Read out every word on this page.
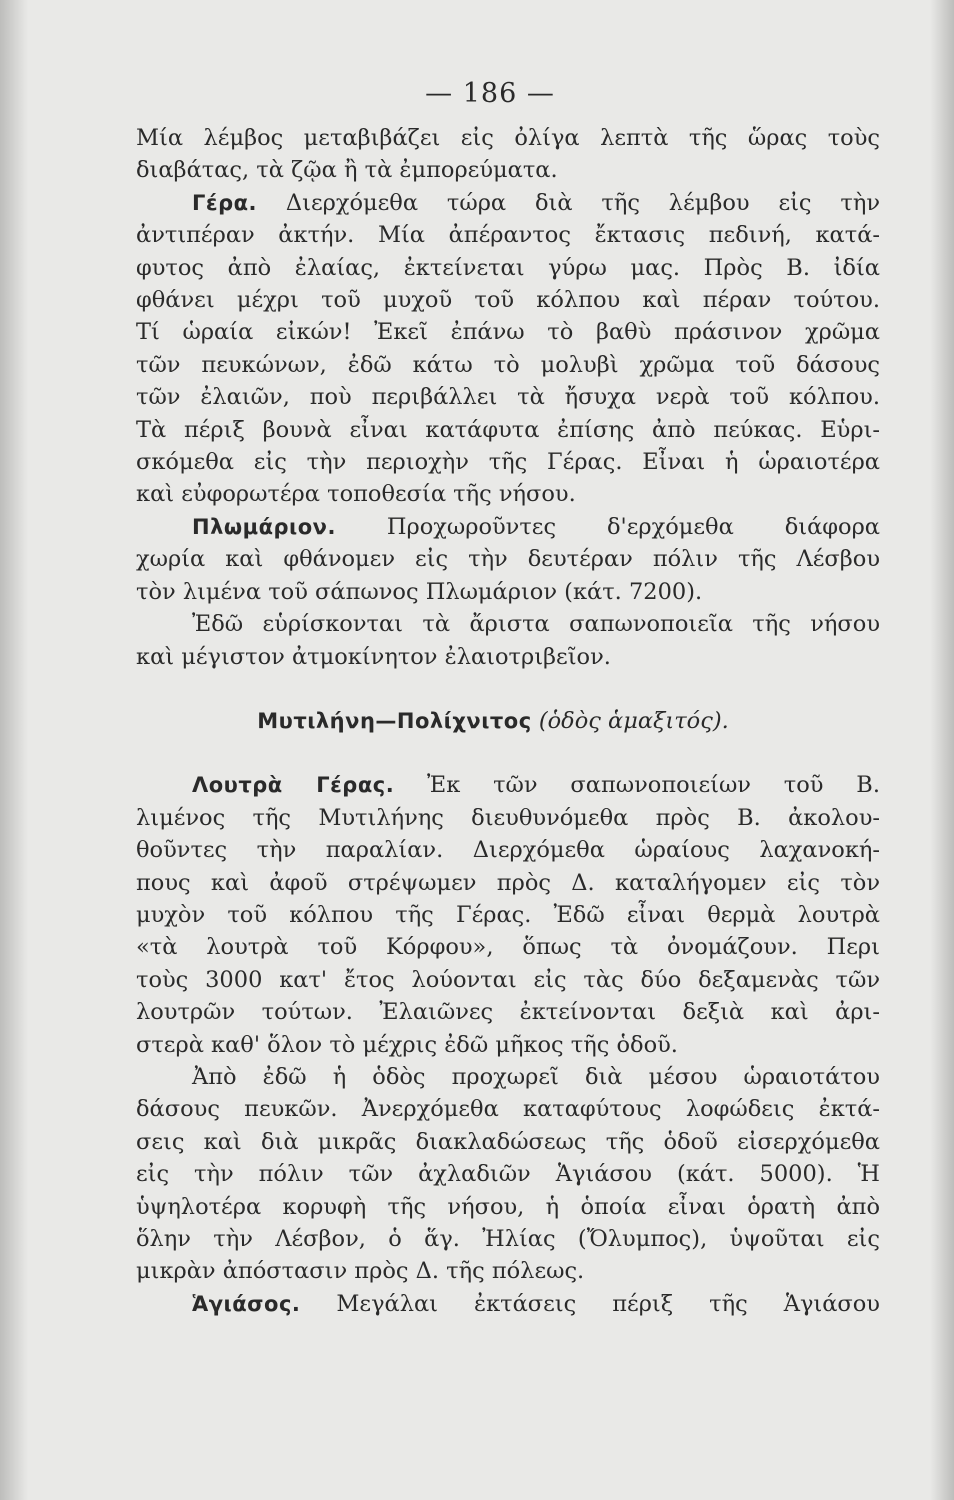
— 186 —
Μία λέμβος μεταβιβάζει εἰς ὀλίγα λεπτὰ τῆς ὥρας τοὺς
διαβάτας, τὰ ζῷα ἢ τὰ ἐμπορεύματα.
Γέρα. Διερχόμεθα τώρα διὰ τῆς λέμβου εἰς τὴν
ἀντιπέραν ἀκτήν. Μία ἀπέραντος ἔκτασις πεδινή, κατά-
φυτος ἀπὸ ἐλαίας, ἐκτείνεται γύρω μας. Πρὸς Β. ἰδία
φθάνει μέχρι τοῦ μυχοῦ τοῦ κόλπου καὶ πέραν τούτου.
Τί ὡραία εἰκών! Ἐκεῖ ἐπάνω τὸ βαθὺ πράσινον χρῶμα
τῶν πευκώνων, ἐδῶ κάτω τὸ μολυβὶ χρῶμα τοῦ δάσους
τῶν ἐλαιῶν, ποὺ περιβάλλει τὰ ἤσυχα νερὰ τοῦ κόλπου.
Τὰ πέριξ βουνὰ εἶναι κατάφυτα ἐπίσης ἀπὸ πεύκας. Εὑρι-
σκόμεθα εἰς τὴν περιοχὴν τῆς Γέρας. Εἶναι ἡ ὡραιοτέρα
καὶ εὐφορωτέρα τοποθεσία τῆς νήσου.
Πλωμάριον. Προχωροῦντες δ'ερχόμεθα διάφορα
χωρία καὶ φθάνομεν εἰς τὴν δευτέραν πόλιν τῆς Λέσβου
τὸν λιμένα τοῦ σάπωνος Πλωμάριον (κάτ. 7200).
Ἐδῶ εὑρίσκονται τὰ ἄριστα σαπωνοποιεῖα τῆς νήσου
καὶ μέγιστον ἀτμοκίνητον ἐλαιοτριβεῖον.
Μυτιλήνη—Πολίχνιτος (ὁδὸς ἁμαξιτός).
Λουτρὰ Γέρας. Ἐκ τῶν σαπωνοποιείων τοῦ Β.
λιμένος τῆς Μυτιλήνης διευθυνόμεθα πρὸς Β. ἀκολου-
θοῦντες τὴν παραλίαν. Διερχόμεθα ὡραίους λαχανοκή-
πους καὶ ἀφοῦ στρέψωμεν πρὸς Δ. καταλήγομεν εἰς τὸν
μυχὸν τοῦ κόλπου τῆς Γέρας. Ἐδῶ εἶναι θερμὰ λουτρὰ
«τὰ λουτρὰ τοῦ Κόρφου», ὅπως τὰ ὀνομάζουν. Περι
τοὺς 3000 κατ' ἔτος λούονται εἰς τὰς δύο δεξαμενὰς τῶν
λουτρῶν τούτων. Ἐλαιῶνες ἐκτείνονται δεξιὰ καὶ ἀρι-
στερὰ καθ' ὅλον τὸ μέχρις ἐδῶ μῆκος τῆς ὁδοῦ.
Ἀπὸ ἐδῶ ἡ ὁδὸς προχωρεῖ διὰ μέσου ὡραιοτάτου
δάσους πευκῶν. Ἀνερχόμεθα καταφύτους λοφώδεις ἐκτά-
σεις καὶ διὰ μικρᾶς διακλαδώσεως τῆς ὁδοῦ εἰσερχόμεθα
εἰς τὴν πόλιν τῶν ἀχλαδιῶν Ἁγιάσου (κάτ. 5000). Ἡ
ὑψηλοτέρα κορυφὴ τῆς νήσου, ἡ ὁποία εἶναι ὁρατὴ ἀπὸ
ὅλην τὴν Λέσβον, ὁ ἅγ. Ἠλίας (Ὄλυμπος), ὑψοῦται εἰς
μικρὰν ἀπόστασιν πρὸς Δ. τῆς πόλεως.
Ἁγιάσος. Μεγάλαι ἐκτάσεις πέριξ τῆς Ἁγιάσου
